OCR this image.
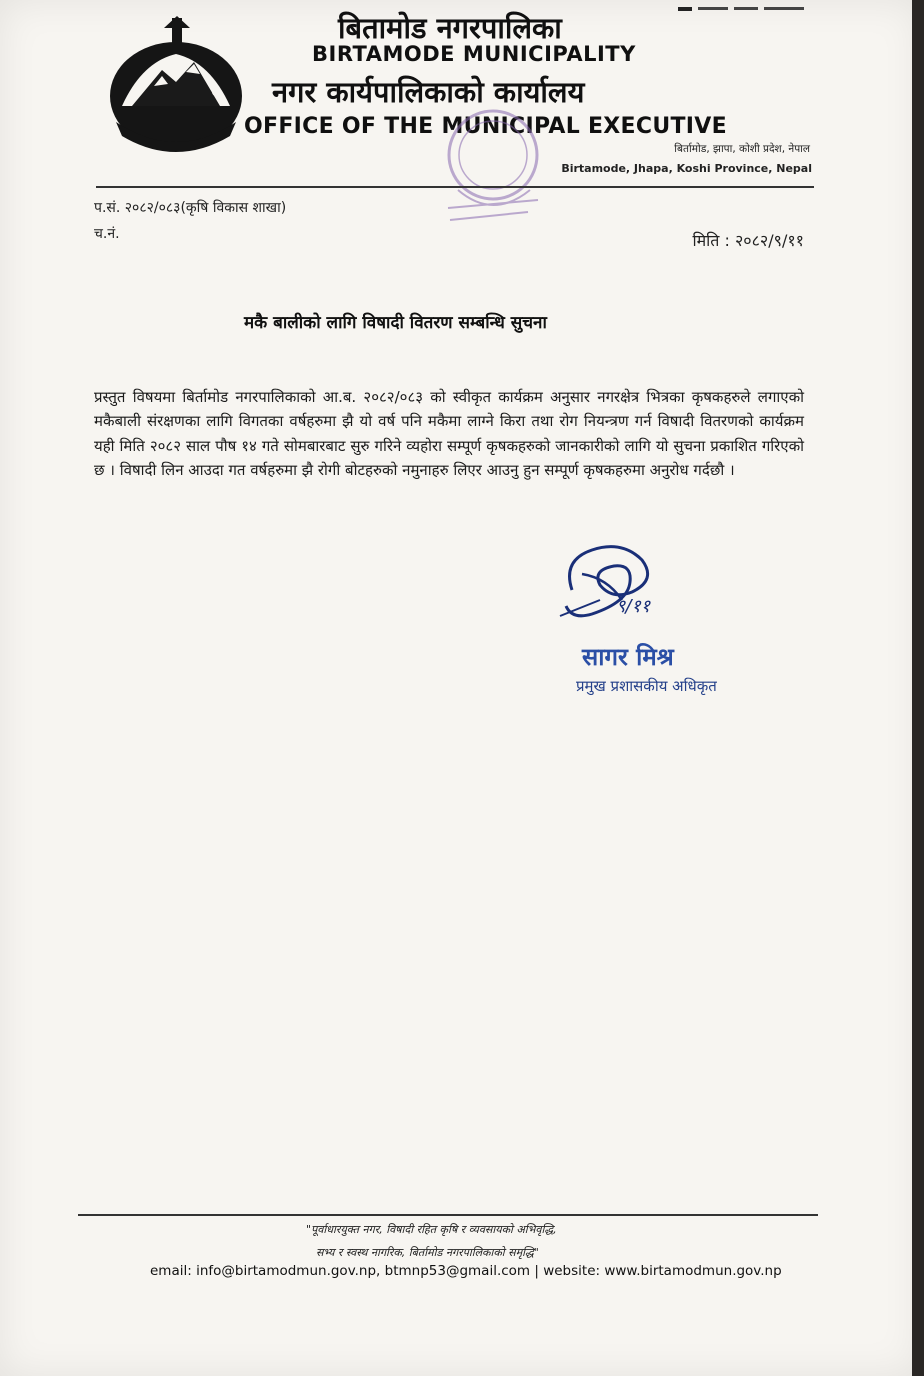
बितामाेड नगरपालिका
BIRTAMODE MUNICIPALITY
नगर कार्यपालिकाको कार्यालय
OFFICE OF THE MUNICIPAL EXECUTIVE
बिर्तामोड, झापा, कोशी प्रदेश, नेपाल
Birtamode, Jhapa, Koshi Province, Nepal
प.सं. २०८२/०८३(कृषि विकास शाखा)
च.नं.	मिति : २०८२/९/११
मकै बालीको लागि विषादी वितरण सम्बन्धि सुचना
प्रस्तुत विषयमा बिर्तामोड नगरपालिकाको आ.ब. २०८२/०८३ को स्वीकृत कार्यक्रम अनुसार नगरक्षेत्र भित्रका कृषकहरुले लगाएको मकैबाली संरक्षणका लागि विगतका वर्षहरुमा झै यो वर्ष पनि मकैमा लाग्ने किरा तथा रोग नियन्त्रण गर्न विषादी वितरणको कार्यक्रम यही मिति २०८२ साल पौष १४ गते सोमबारबाट सुरु गरिने व्यहोरा सम्पूर्ण कृषकहरुको जानकारीको लागि यो सुचना प्रकाशित गरिएको छ । विषादी लिन आउदा गत वर्षहरुमा झै रोगी बोटहरुको नमुनाहरु लिएर आउनु हुन सम्पूर्ण कृषकहरुमा अनुरोध गर्दछौ ।
९/११
सागर मिश्र
प्रमुख प्रशासकीय अधिकृत
"पूर्वाधारयुक्त नगर, विषादी रहित कृषि र व्यवसायको अभिवृद्धि,
सभ्य र स्वस्थ नागरिक, बिर्तामोड नगरपालिकाको समृद्धि"
email: info@birtamodmun.gov.np, btmnp53@gmail.com | website: www.birtamodmun.gov.np
